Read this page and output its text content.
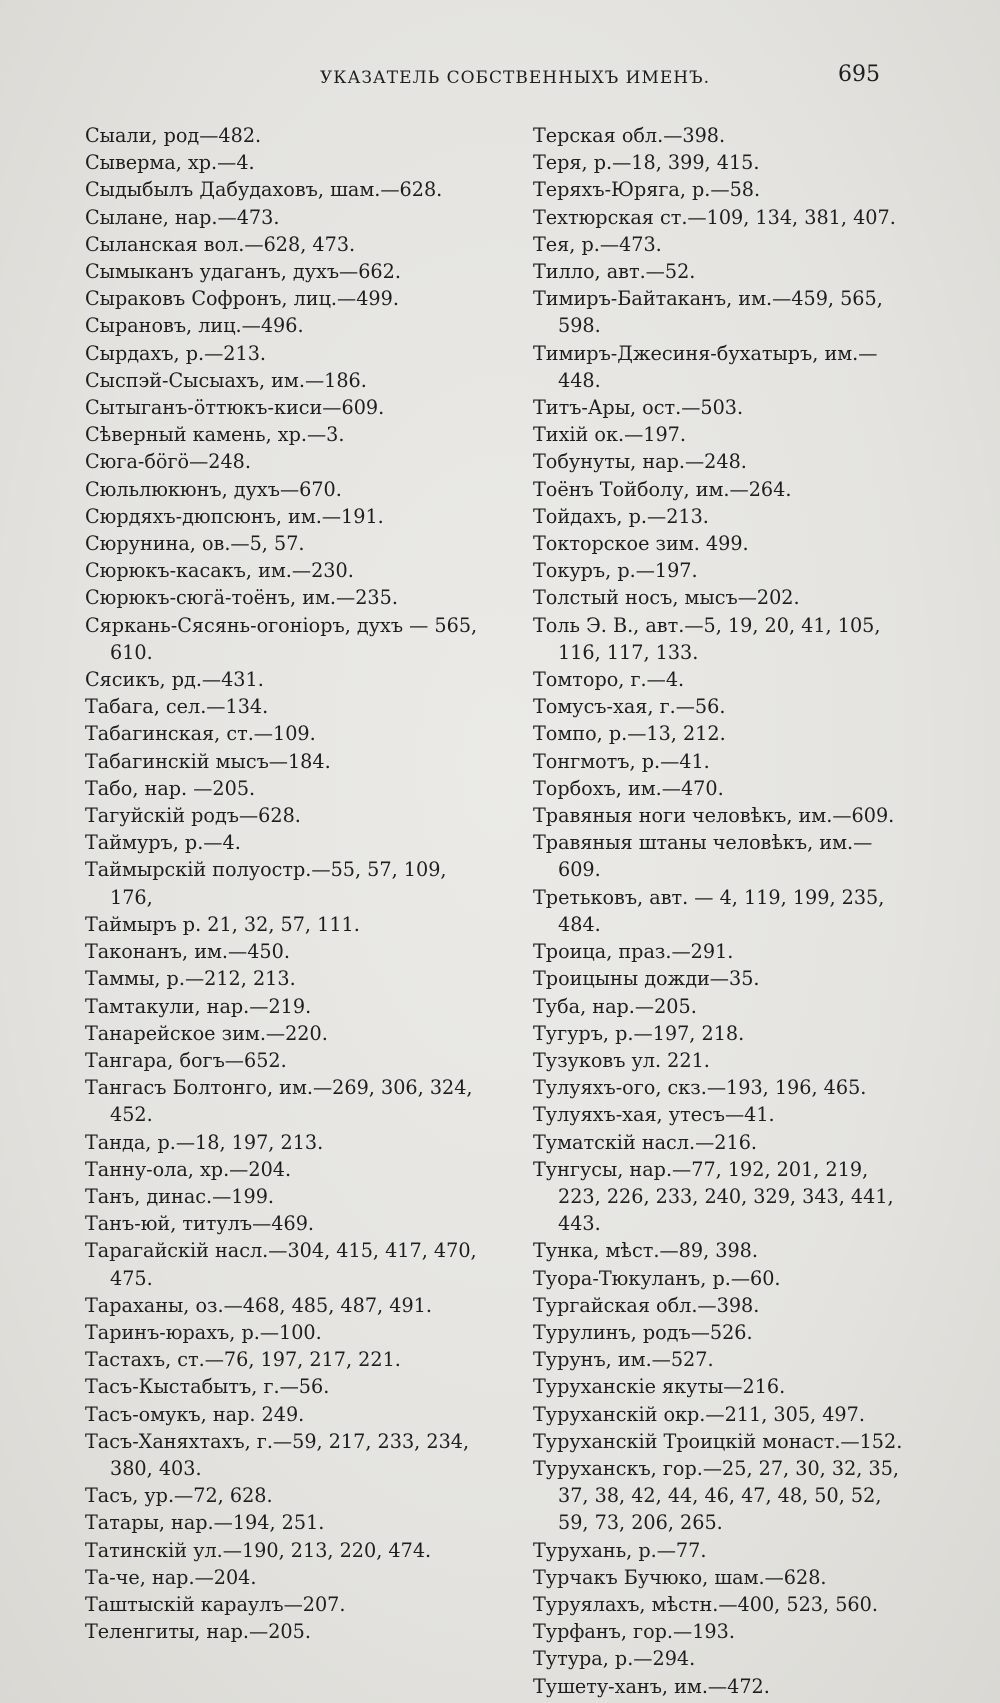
УКАЗАТЕЛЬ СОБСТВЕННЫХЪ ИМЕНЪ.	695

Сыали, род—482.

Сыверма, хр.—4.

Сыдыбылъ Дабудаховъ, шам.—628.

Сылане, нар.—473.

Сыланская вол.—628, 473.

Сымыканъ удаганъ, духъ—662.

Сыраковъ Софронъ, лиц.—499.

Сырановъ, лиц.—496.

Сырдахъ, р.—213.

Сыспэй-Сысыахъ, им.—186.

Сытыганъ-öттюкъ-киси—609.

Сѣверный камень, хр.—3.

Сюга-бöгö—248.

Сюльлюкюнъ, духъ—670.

Сюрдяхъ-дюпсюнъ, им.—191.

Сюрунина, ов.—5, 57.

Сюрюкъ-касакъ, им.—230.

Сюрюкъ-сюгä-тоёнъ, им.—235.

Сяркань-Сясянь-огоніоръ, духъ — 565, 610.

Сясикъ, рд.—431.

Табага, сел.—134.

Табагинская, ст.—109.

Табагинскій мысъ—184.

Табо, нар. —205.

Тагуйскій родъ—628.

Таймуръ, р.—4.

Таймырскій полуостр.—55, 57, 109, 176,

Таймыръ р. 21, 32, 57, 111.

Таконанъ, им.—450.

Таммы, р.—212, 213.

Тамтакули, нар.—219.

Танарейское зим.—220.

Тангара, богъ—652.

Тангасъ Болтонго, им.—269, 306, 324, 452.

Танда, р.—18, 197, 213.

Танну-ола, хр.—204.

Танъ, динас.—199.

Танъ-юй, титулъ—469.

Тарагайскій насл.—304, 415, 417, 470, 475.

Тараханы, оз.—468, 485, 487, 491.

Таринъ-юрахъ, р.—100.

Тастахъ, ст.—76, 197, 217, 221.

Тасъ-Кыстабытъ, г.—56.

Тасъ-омукъ, нар. 249.

Тасъ-Ханяхтахъ, г.—59, 217, 233, 234, 380, 403.

Тасъ, ур.—72, 628.

Татары, нар.—194, 251.

Татинскій ул.—190, 213, 220, 474.

Та-че, нар.—204.

Таштыскій караулъ—207.

Теленгиты, нар.—205.

Терская обл.—398.

Теря, р.—18, 399, 415.

Теряхъ-Юряга, р.—58.

Техтюрская ст.—109, 134, 381, 407.

Тея, р.—473.

Тилло, авт.—52.

Тимиръ-Байтаканъ, им.—459, 565, 598.

Тимиръ-Джесиня-бухатыръ, им.—448.

Титъ-Ары, ост.—503.

Тихій ок.—197.

Тобунуты, нар.—248.

Тоёнъ Тойболу, им.—264.

Тойдахъ, р.—213.

Токторское зим. 499.

Токуръ, р.—197.

Толстый носъ, мысъ—202.

Толь Э. В., авт.—5, 19, 20, 41, 105, 116, 117, 133.

Томторо, г.—4.

Томусъ-хая, г.—56.

Томпо, р.—13, 212.

Тонгмотъ, р.—41.

Торбохъ, им.—470.

Травяныя ноги человѣкъ, им.—609.

Травяныя штаны человѣкъ, им.—609.

Третьковъ, авт. — 4, 119, 199, 235, 484.

Троица, праз.—291.

Троицыны дожди—35.

Туба, нар.—205.

Тугуръ, р.—197, 218.

Тузуковъ ул. 221.

Тулуяхъ-ого, скз.—193, 196, 465.

Тулуяхъ-хая, утесъ—41.

Туматскій насл.—216.

Тунгусы, нар.—77, 192, 201, 219, 223, 226, 233, 240, 329, 343, 441, 443.

Тунка, мѣст.—89, 398.

Туора-Тюкуланъ, р.—60.

Тургайская обл.—398.

Турулинъ, родъ—526.

Турунъ, им.—527.

Туруханскіе якуты—216.

Туруханскій окр.—211, 305, 497.

Туруханскій Троицкій монаст.—152.

Туруханскъ, гор.—25, 27, 30, 32, 35, 37, 38, 42, 44, 46, 47, 48, 50, 52, 59, 73, 206, 265.

Турухань, р.—77.

Турчакъ Бучюко, шам.—628.

Туруялахъ, мѣстн.—400, 523, 560.

Турфанъ, гор.—193.

Тутура, р.—294.

Тушету-ханъ, им.—472.
